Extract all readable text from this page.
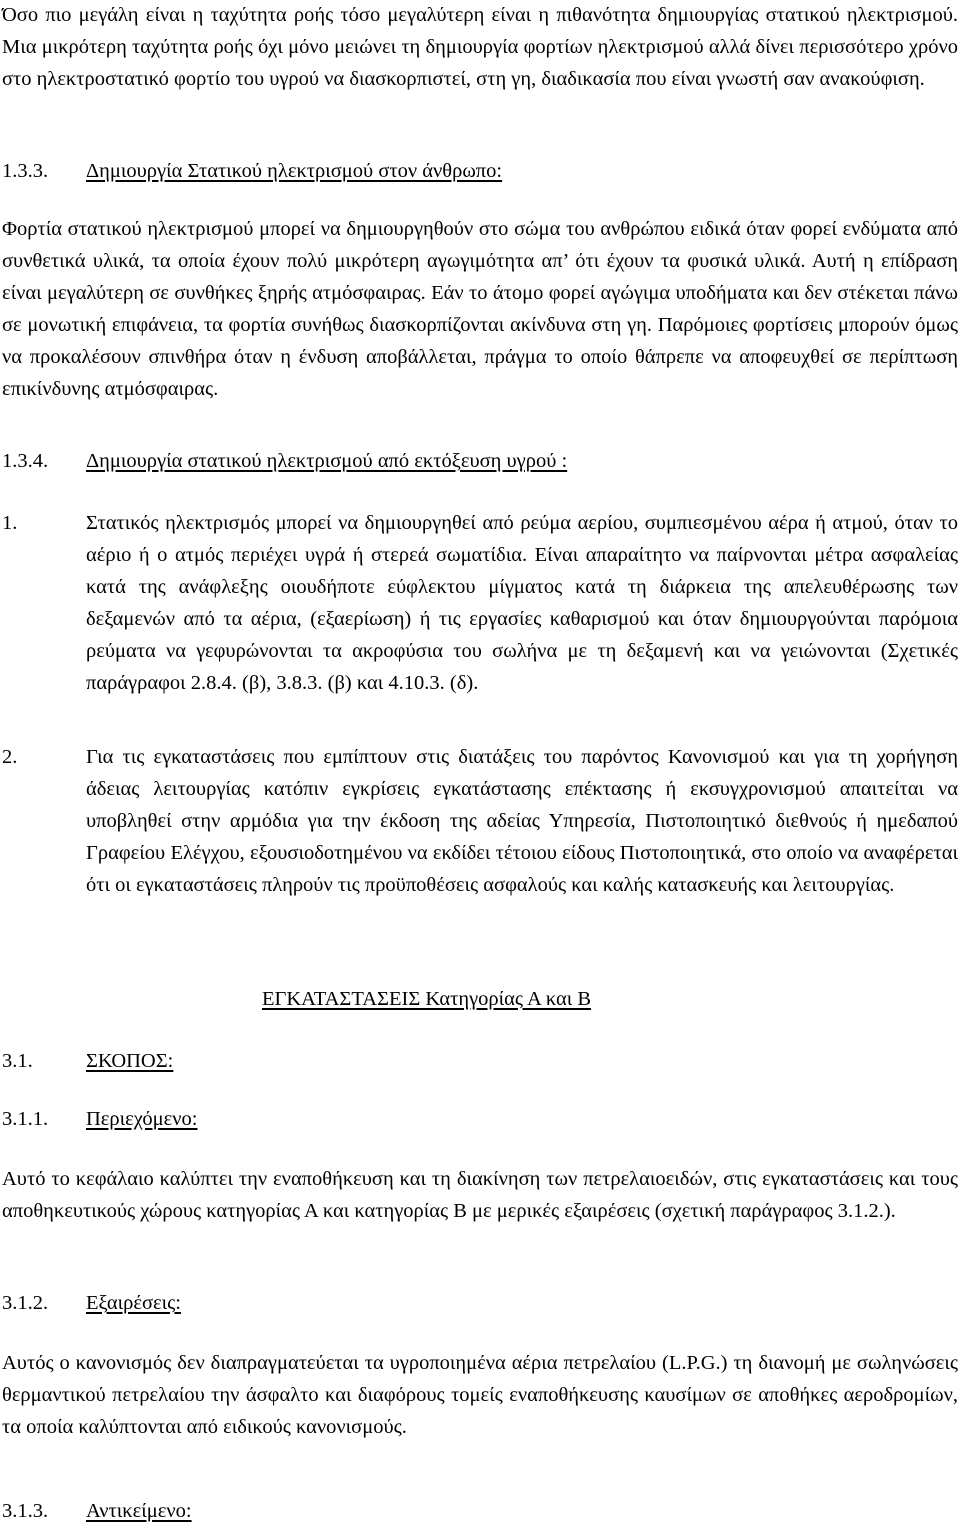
Όσο πιο μεγάλη είναι η ταχύτητα ροής τόσο μεγαλύτερη είναι η πιθανότητα δημιουργίας στατικού ηλεκτρισμού. Μια μικρότερη ταχύτητα ροής όχι μόνο μειώνει τη δημιουργία φορτίων ηλεκτρισμού αλλά δίνει περισσότερο χρόνο στο ηλεκτροστατικό φορτίο του υγρού να διασκορπιστεί, στη γη, διαδικασία που είναι γνωστή σαν ανακούφιση.

1.3.3. Δημιουργία Στατικού ηλεκτρισμού στον άνθρωπο:

Φορτία στατικού ηλεκτρισμού μπορεί να δημιουργηθούν στο σώμα του ανθρώπου ειδικά όταν φορεί ενδύματα από συνθετικά υλικά, τα οποία έχουν πολύ μικρότερη αγωγιμότητα απ’ ότι έχουν τα φυσικά υλικά. Αυτή η επίδραση είναι μεγαλύτερη σε συνθήκες ξηρής ατμόσφαιρας. Εάν το άτομο φορεί αγώγιμα υποδήματα και δεν στέκεται πάνω σε μονωτική επιφάνεια, τα φορτία συνήθως διασκορπίζονται ακίνδυνα στη γη. Παρόμοιες φορτίσεις μπορούν όμως να προκαλέσουν σπινθήρα όταν η ένδυση αποβάλλεται, πράγμα το οποίο θάπρεπε να αποφευχθεί σε περίπτωση επικίνδυνης ατμόσφαιρας.

1.3.4. Δημιουργία στατικού ηλεκτρισμού από εκτόξευση υγρού :
1.	Στατικός ηλεκτρισμός μπορεί να δημιουργηθεί από ρεύμα αερίου, συμπιεσμένου αέρα ή ατμού, όταν το αέριο ή ο ατμός περιέχει υγρά ή στερεά σωματίδια. Είναι απαραίτητο να παίρνονται μέτρα ασφαλείας κατά της ανάφλεξης οιουδήποτε εύφλεκτου μίγματος κατά τη διάρκεια της απελευθέρωσης των δεξαμενών από τα αέρια, (εξαερίωση) ή τις εργασίες καθαρισμού και όταν δημιουργούνται παρόμοια ρεύματα να γεφυρώνονται τα ακροφύσια του σωλήνα με τη δεξαμενή και να γειώνονται (Σχετικές παράγραφοι 2.8.4. (β), 3.8.3. (β) και 4.10.3. (δ).
2.	Για τις εγκαταστάσεις που εμπίπτουν στις διατάξεις του παρόντος Κανονισμού και για τη χορήγηση άδειας λειτουργίας κατόπιν εγκρίσεις εγκατάστασης επέκτασης ή εκσυγχρονισμού απαιτείται να υποβληθεί στην αρμόδια για την έκδοση της αδείας Υπηρεσία, Πιστοποιητικό διεθνούς ή ημεδαπού Γραφείου Ελέγχου, εξουσιοδοτημένου να εκδίδει τέτοιου είδους Πιστοποιητικά, στο οποίο να αναφέρεται ότι οι εγκαταστάσεις πληρούν τις προϋποθέσεις ασφαλούς και καλής κατασκευής και λειτουργίας.
ΕΓΚΑΤΑΣΤΑΣΕΙΣ Κατηγορίας Α και Β
3.1.	ΣΚΟΠΟΣ:
3.1.1. Περιεχόμενο:

Αυτό το κεφάλαιο καλύπτει την εναποθήκευση και τη διακίνηση των πετρελαιοειδών, στις εγκαταστάσεις και τους αποθηκευτικούς χώρους κατηγορίας Α και κατηγορίας Β με μερικές εξαιρέσεις (σχετική παράγραφος 3.1.2.).

3.1.2. Εξαιρέσεις:

Αυτός ο κανονισμός δεν διαπραγματεύεται τα υγροποιημένα αέρια πετρελαίου (L.P.G.) τη διανομή με σωληνώσεις θερμαντικού πετρελαίου την άσφαλτο και διαφόρους τομείς εναποθήκευσης καυσίμων σε αποθήκες αεροδρομίων, τα οποία καλύπτονται από ειδικούς κανονισμούς.

3.1.3. Αντικείμενο:
